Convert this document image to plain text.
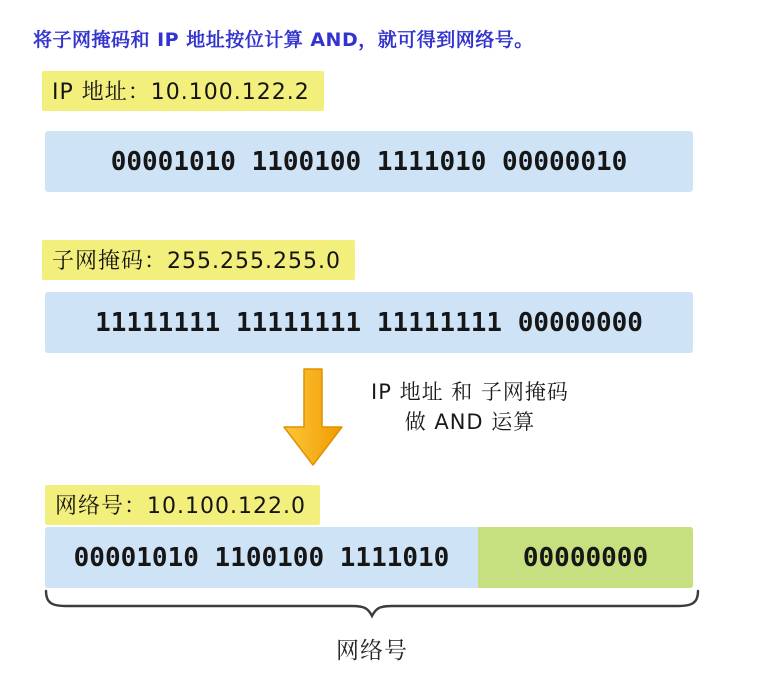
将子网掩码和 IP 地址按位计算 AND，就可得到网络号。
IP 地址：10.100.122.2
00001010 1100100 1111010 00000010
子网掩码：255.255.255.0
11111111 11111111 11111111 00000000
IP 地址 和 子网掩码
做 AND 运算
网络号：10.100.122.0
00001010 1100100 1111010	00000000
网络号
